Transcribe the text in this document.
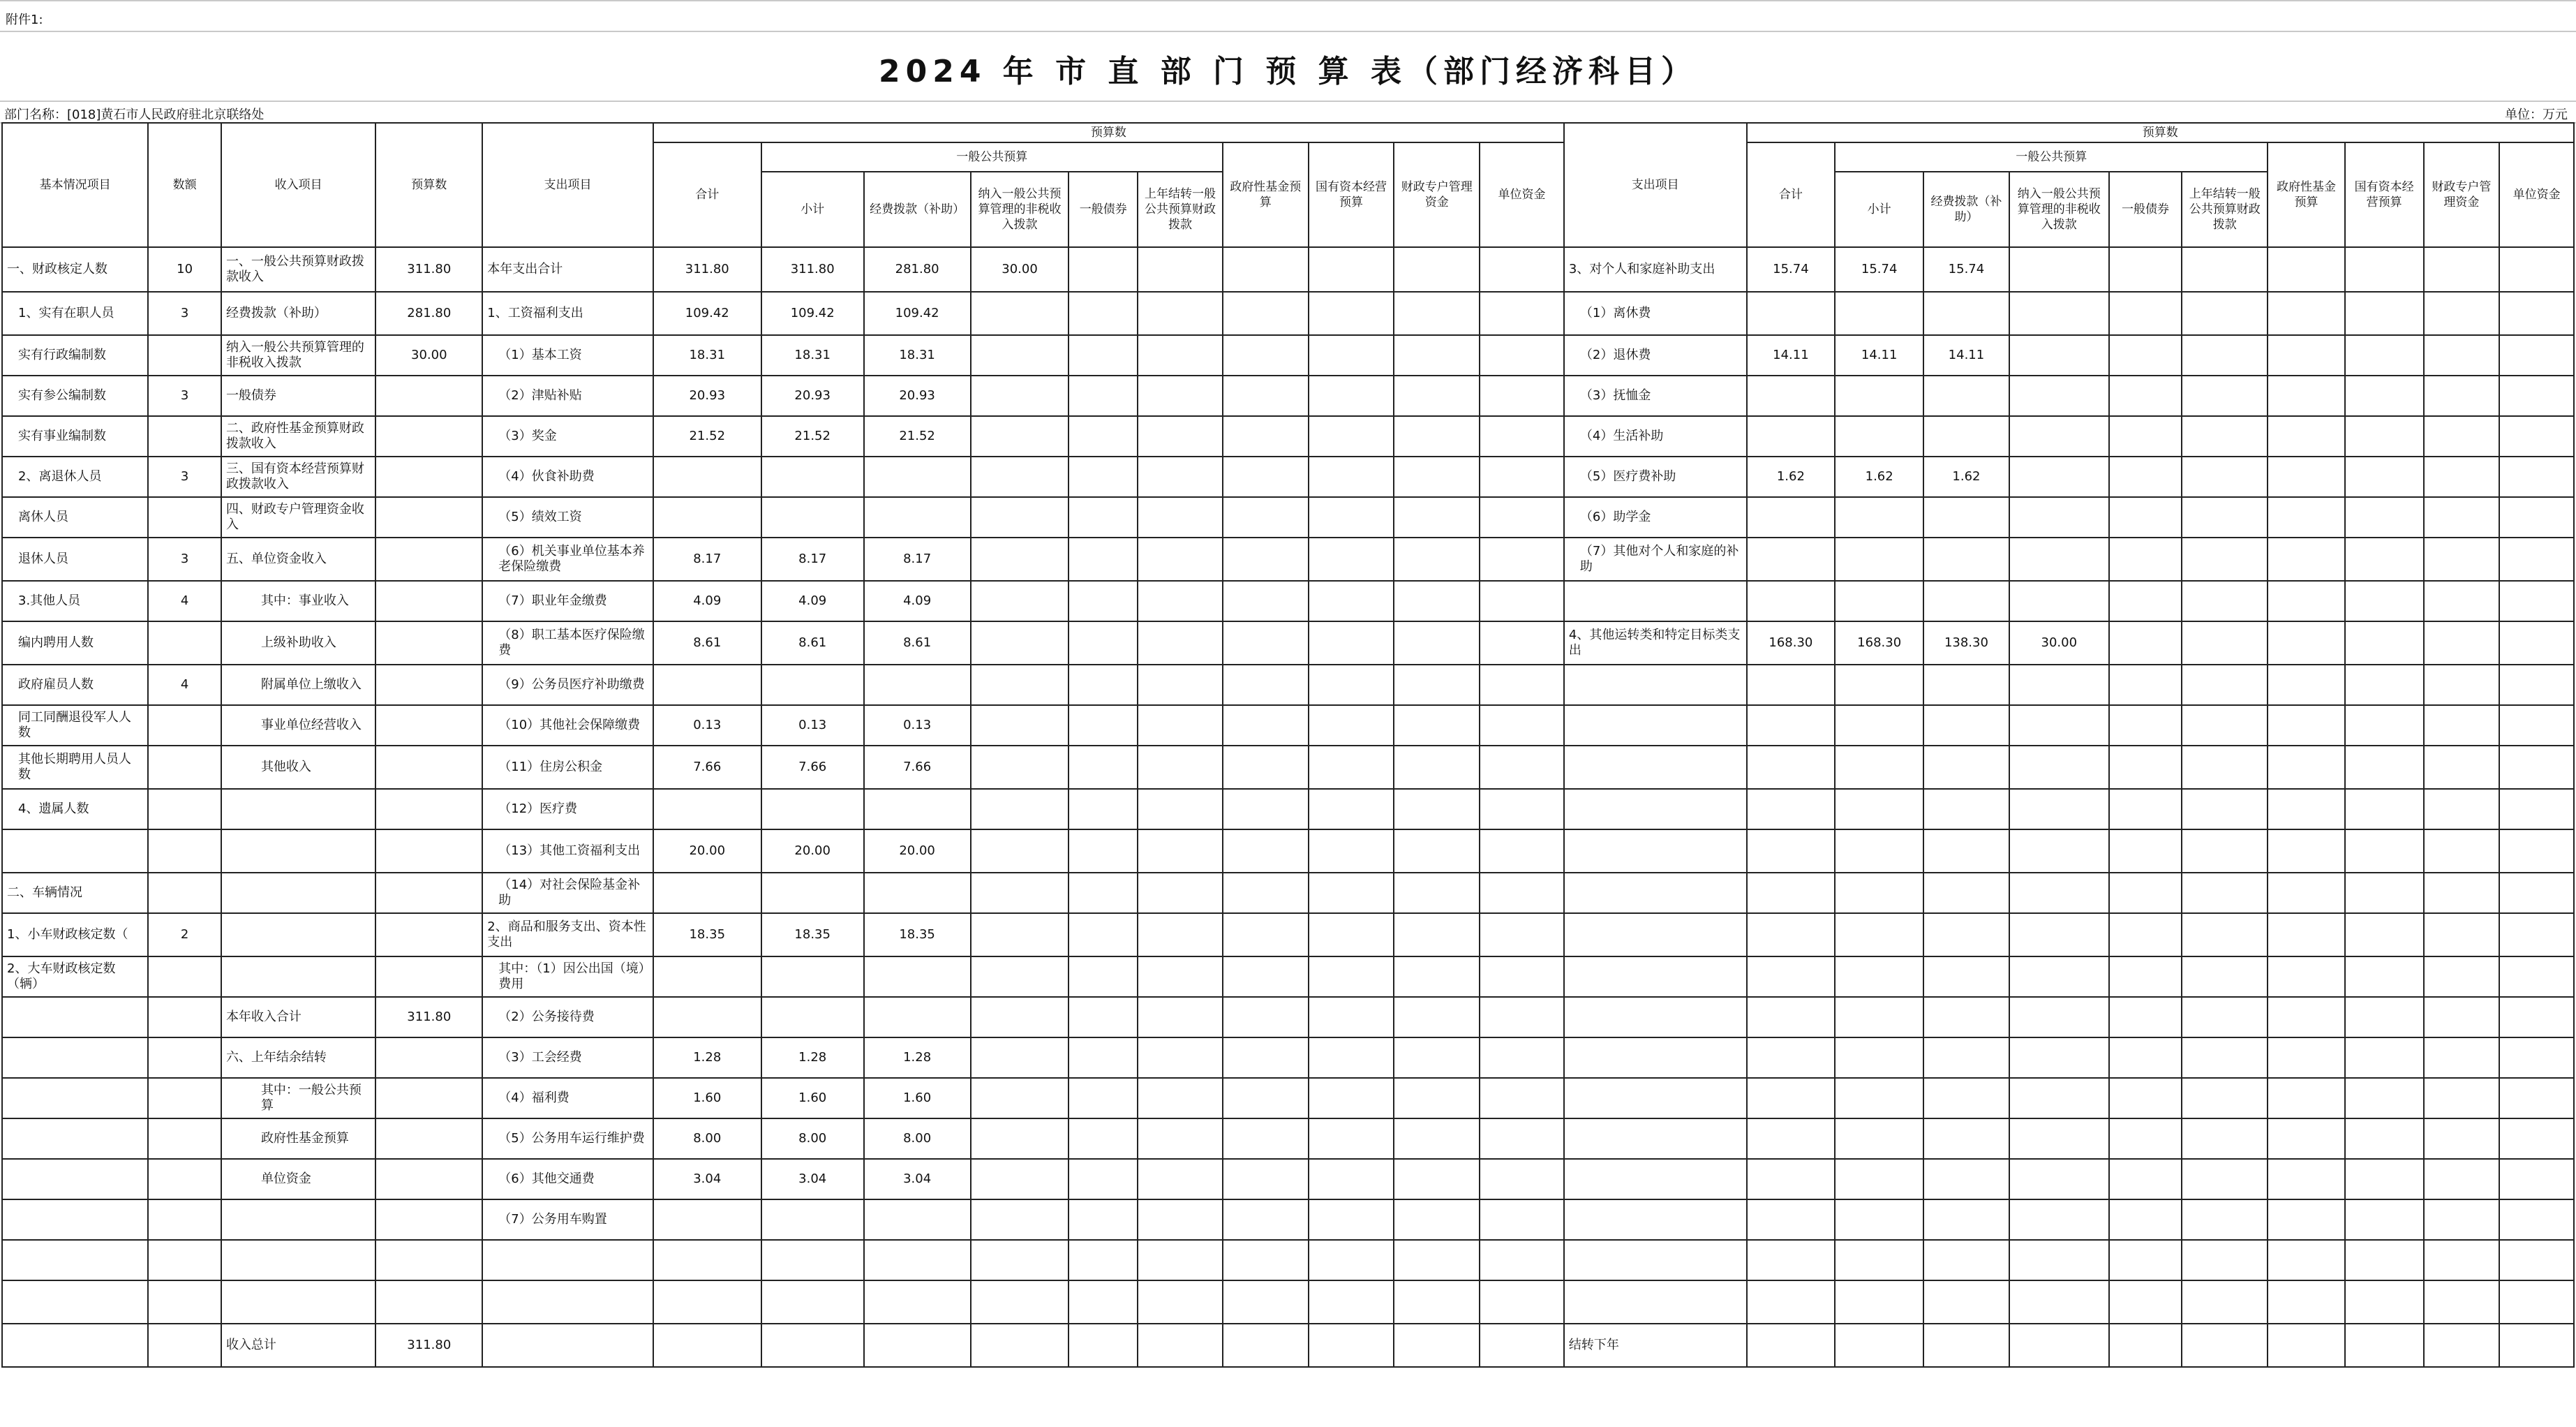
附件1:
2024 年 市 直 部 门 预 算 表（部门经济科目）
部门名称：[018]黄石市人民政府驻北京联络处	单位：万元
基本情况项目	数额	收入项目	预算数	支出项目	预算数										支出项目	预算数									
					合计	一般公共预算					政府性基金预算	国有资本经营预算	财政专户管理资金	单位资金		合计	一般公共预算					政府性基金预算	国有资本经营预算	财政专户管理资金	单位资金
						小计	经费拨款（补助）	纳入一般公共预算管理的非税收入拨款	一般债券	上年结转一般公共预算财政拨款							小计	经费拨款（补助）	纳入一般公共预算管理的非税收入拨款	一般债券	上年结转一般公共预算财政拨款				
一、财政核定人数	10	一、一般公共预算财政拨款收入	311.80	本年支出合计	311.80	311.80	281.80	30.00							3、对个人和家庭补助支出	15.74	15.74	15.74							
1、实有在职人员	3	经费拨款（补助）	281.80	1、工资福利支出	109.42	109.42	109.42								（1）离休费										
实有行政编制数		纳入一般公共预算管理的非税收入拨款	30.00	（1）基本工资	18.31	18.31	18.31								（2）退休费	14.11	14.11	14.11							
实有参公编制数	3	一般债券		（2）津贴补贴	20.93	20.93	20.93								（3）抚恤金										
实有事业编制数		二、政府性基金预算财政拨款收入		（3）奖金	21.52	21.52	21.52								（4）生活补助										
2、离退休人员	3	三、国有资本经营预算财政拨款收入		（4）伙食补助费											（5）医疗费补助	1.62	1.62	1.62							
离休人员		四、财政专户管理资金收入		（5）绩效工资											（6）助学金										
退休人员	3	五、单位资金收入		（6）机关事业单位基本养老保险缴费	8.17	8.17	8.17								（7）其他对个人和家庭的补助										
3.其他人员	4	其中：事业收入		（7）职业年金缴费	4.09	4.09	4.09																		
编内聘用人数		上级补助收入		（8）职工基本医疗保险缴费	8.61	8.61	8.61								4、其他运转类和特定目标类支出	168.30	168.30	138.30	30.00						
政府雇员人数	4	附属单位上缴收入		（9）公务员医疗补助缴费																					
同工同酬退役军人人数		事业单位经营收入		（10）其他社会保障缴费	0.13	0.13	0.13																		
其他长期聘用人员人数		其他收入		（11）住房公积金	7.66	7.66	7.66																		
4、遗属人数				（12）医疗费																					
				（13）其他工资福利支出	20.00	20.00	20.00																		
二、车辆情况				（14）对社会保险基金补助																					
1、小车财政核定数（	2			2、商品和服务支出、资本性支出	18.35	18.35	18.35																		
2、大车财政核定数（辆）				其中：（1）因公出国（境）费用																					
		本年收入合计	311.80	（2）公务接待费																					
		六、上年结余结转		（3）工会经费	1.28	1.28	1.28																		
		其中：一般公共预算		（4）福利费	1.60	1.60	1.60																		
		政府性基金预算		（5）公务用车运行维护费	8.00	8.00	8.00																		
		单位资金		（6）其他交通费	3.04	3.04	3.04																		
				（7）公务用车购置																					

		收入总计	311.80												结转下年										
